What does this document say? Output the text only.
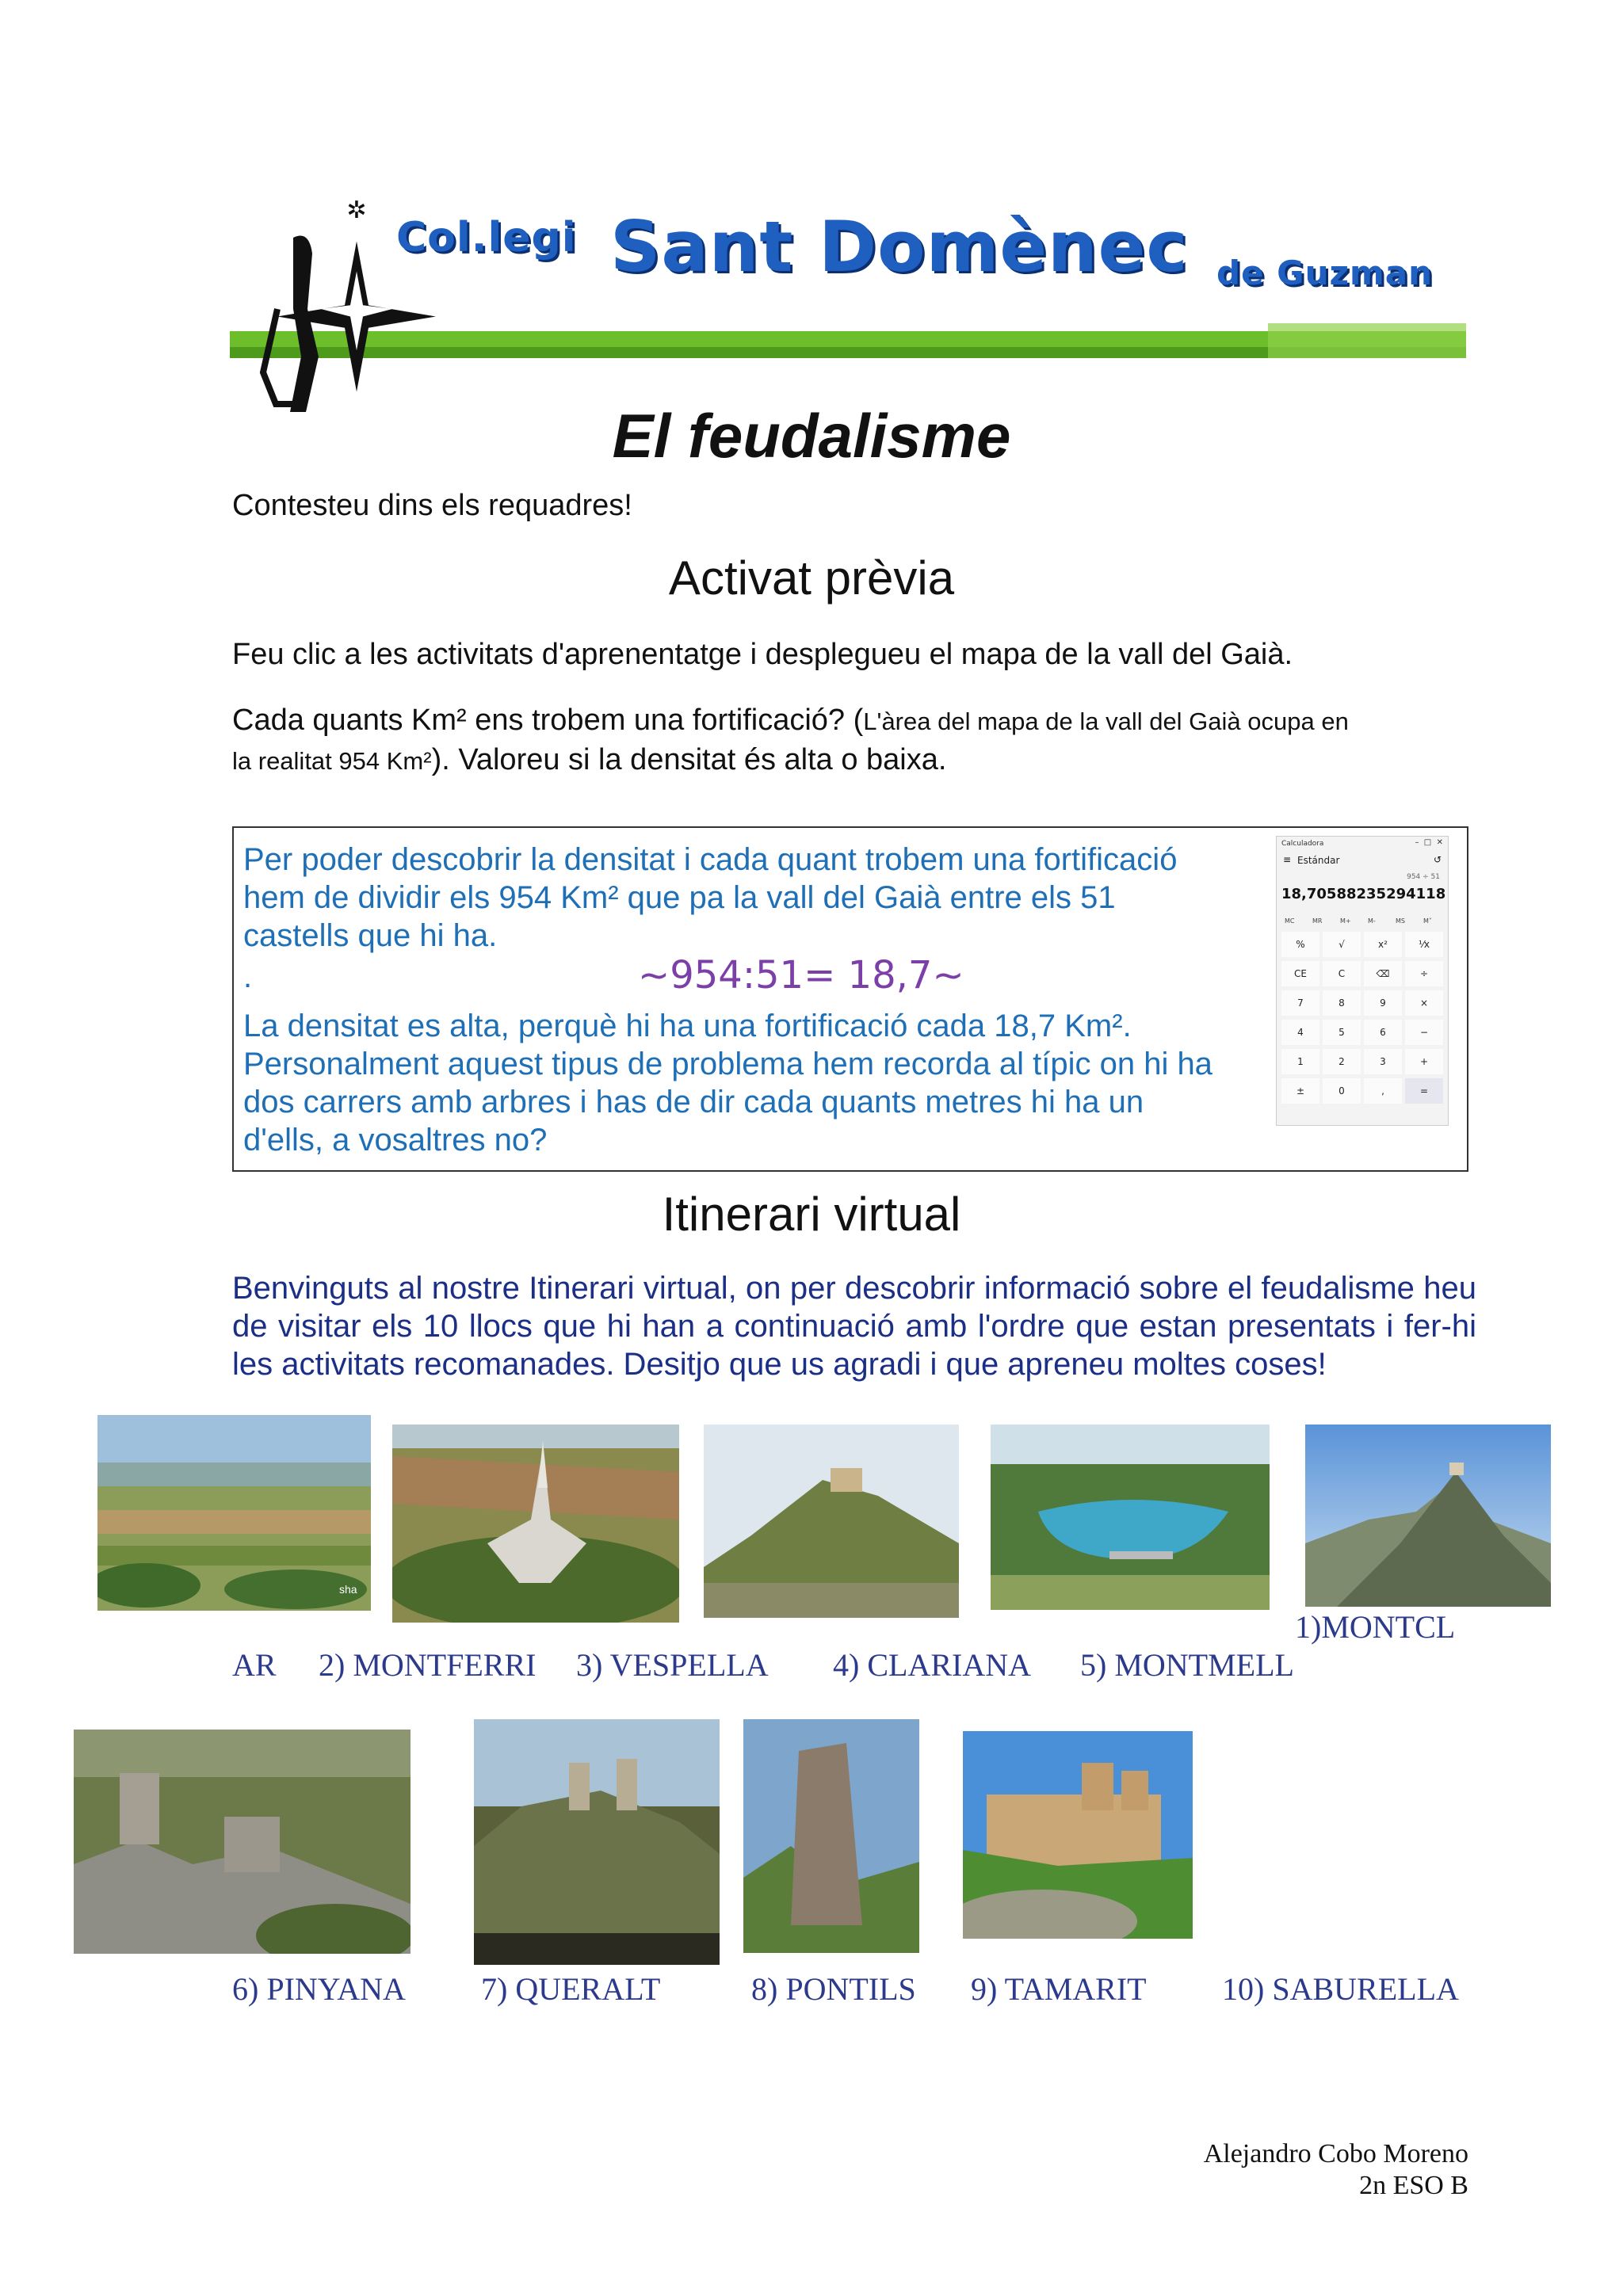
✲
Col.legi Sant Domènec de Guzman
El feudalisme
Contesteu dins els requadres!
Activat prèvia
Feu clic a les activitats d'aprenentatge i desplegueu el mapa de la vall del Gaià.
Cada quants Km² ens trobem una fortificació? (L'àrea del mapa de la vall del Gaià ocupa en
la realitat 954 Km²). Valoreu si la densitat és alta o baixa.
Per poder descobrir la densitat i cada quant trobem una fortificació
hem de dividir els 954 Km² que pa la vall del Gaià entre els 51
castells que hi ha.
.	~954:51= 18,7~
La densitat es alta, perquè hi ha una fortificació cada 18,7 Km².
Personalment aquest tipus de problema hem recorda al típic on hi ha
dos carrers amb arbres i has de dir cada quants metres hi ha un
d'ells, a vosaltres no?
Calculadora	–  □  ✕
≡ Estándar	↺
954 ÷ 51
18,70588235294118
MC	MR	M+	M-	MS	M˅
%	√	x²	⅟x
CE	C	⌫	÷
7	8	9	×
4	5	6	−
1	2	3	+
±	0	,	=
Itinerari virtual
Benvinguts al nostre Itinerari virtual, on per descobrir informació sobre el feudalisme heu de visitar els 10 llocs que hi han a continuació amb l'ordre que estan presentats i fer-hi les activitats recomanades. Desitjo que us agradi i que apreneu moltes coses!
sha
1)MONTCL
AR 2) MONTFERRI 3) VESPELLA 4) CLARIANA 5) MONTMELL
6) PINYANA 7) QUERALT	8) PONTILS 9) TAMARIT 10) SABURELLA
Alejandro Cobo Moreno
2n ESO B
